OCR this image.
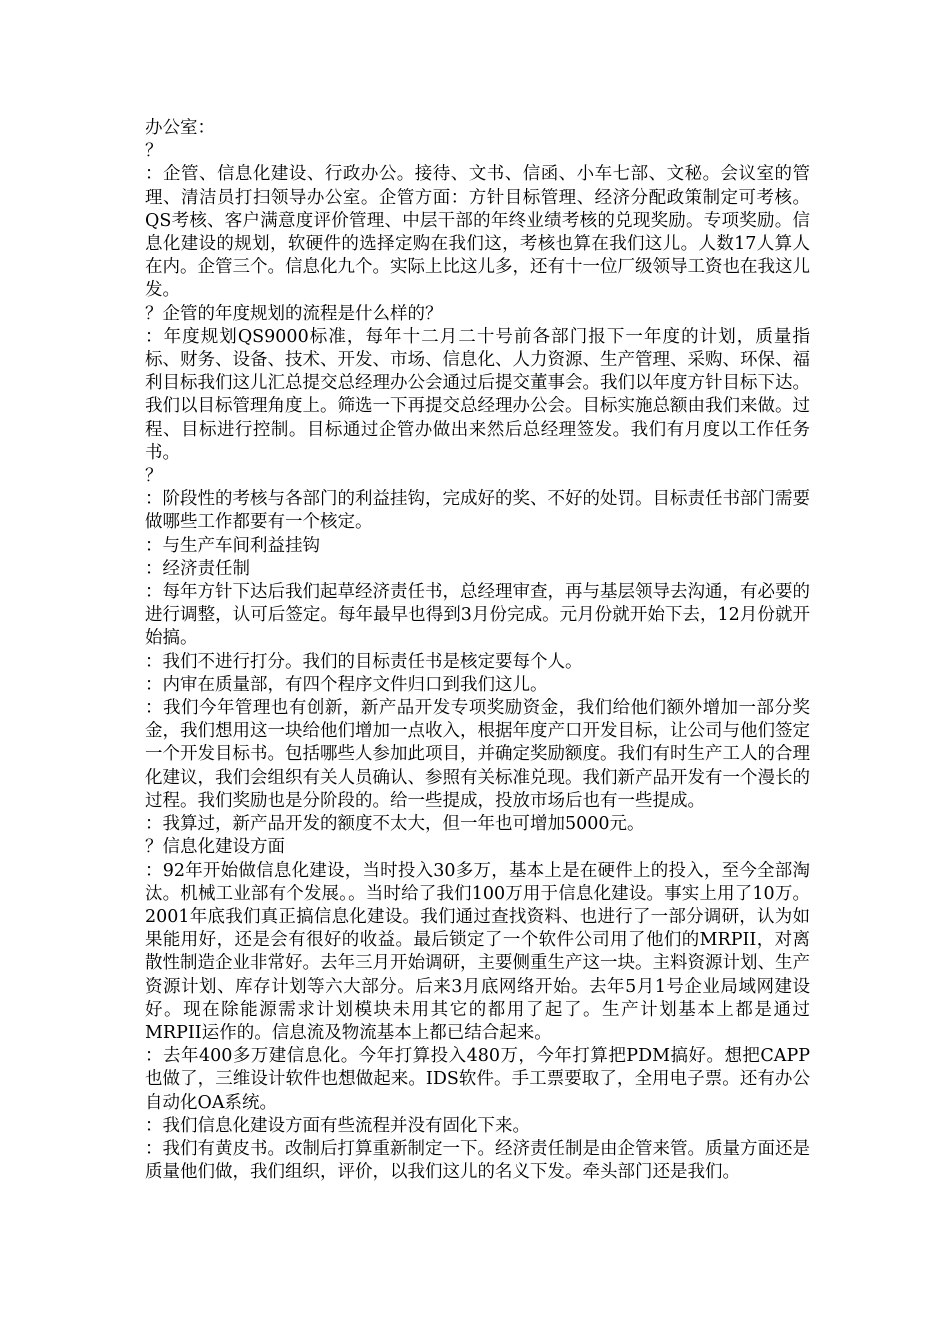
办公室：

？

：企管、信息化建设、行政办公。接待、文书、信函、小车七部、文秘。会议室的管理、清洁员打扫领导办公室。企管方面：方针目标管理、经济分配政策制定可考核。QS考核、客户满意度评价管理、中层干部的年终业绩考核的兑现奖励。专项奖励。信息化建设的规划，软硬件的选择定购在我们这，考核也算在我们这儿。人数17人算人在内。企管三个。信息化九个。实际上比这儿多，还有十一位厂级领导工资也在我这儿发。

？企管的年度规划的流程是什么样的？

：年度规划QS9000标准，每年十二月二十号前各部门报下一年度的计划，质量指标、财务、设备、技术、开发、市场、信息化、人力资源、生产管理、采购、环保、福利目标我们这儿汇总提交总经理办公会通过后提交董事会。我们以年度方针目标下达。我们以目标管理角度上。筛选一下再提交总经理办公会。目标实施总额由我们来做。过程、目标进行控制。目标通过企管办做出来然后总经理签发。我们有月度以工作任务书。

？

：阶段性的考核与各部门的利益挂钩，完成好的奖、不好的处罚。目标责任书部门需要做哪些工作都要有一个核定。

：与生产车间利益挂钩

：经济责任制

：每年方针下达后我们起草经济责任书，总经理审查，再与基层领导去沟通，有必要的进行调整，认可后签定。每年最早也得到3月份完成。元月份就开始下去，12月份就开始搞。

：我们不进行打分。我们的目标责任书是核定要每个人。

：内审在质量部，有四个程序文件归口到我们这儿。

：我们今年管理也有创新，新产品开发专项奖励资金，我们给他们额外增加一部分奖金，我们想用这一块给他们增加一点收入，根据年度产口开发目标，让公司与他们签定一个开发目标书。包括哪些人参加此项目，并确定奖励额度。我们有时生产工人的合理化建议，我们会组织有关人员确认、参照有关标准兑现。我们新产品开发有一个漫长的过程。我们奖励也是分阶段的。给一些提成，投放市场后也有一些提成。

：我算过，新产品开发的额度不太大，但一年也可增加5000元。

？信息化建设方面

：92年开始做信息化建设，当时投入30多万，基本上是在硬件上的投入，至今全部淘汰。机械工业部有个发展。。当时给了我们100万用于信息化建设。事实上用了10万。2001年底我们真正搞信息化建设。我们通过查找资料、也进行了一部分调研，认为如果能用好，还是会有很好的收益。最后锁定了一个软件公司用了他们的MRPII，对离散性制造企业非常好。去年三月开始调研，主要侧重生产这一块。主料资源计划、生产资源计划、库存计划等六大部分。后来3月底网络开始。去年5月1号企业局域网建设好。现在除能源需求计划模块未用其它的都用了起了。生产计划基本上都是通过MRPII运作的。信息流及物流基本上都已结合起来。

：去年400多万建信息化。今年打算投入480万，今年打算把PDM搞好。想把CAPP也做了，三维设计软件也想做起来。IDS软件。手工票要取了，全用电子票。还有办公自动化OA系统。

：我们信息化建设方面有些流程并没有固化下来。

：我们有黄皮书。改制后打算重新制定一下。经济责任制是由企管来管。质量方面还是质量他们做，我们组织，评价，以我们这儿的名义下发。牵头部门还是我们。
